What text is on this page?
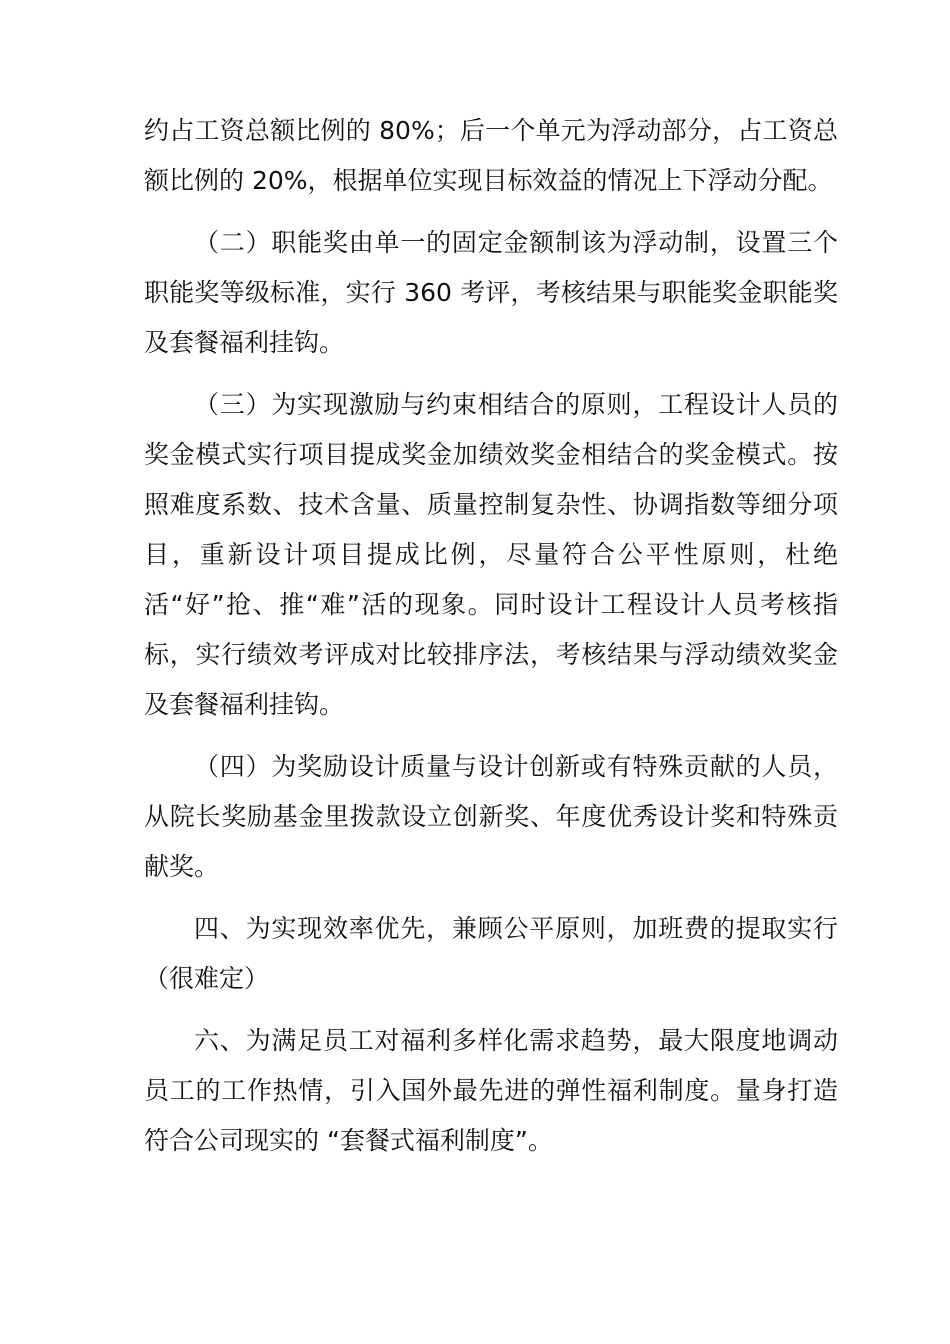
约占工资总额比例的 80%；后一个单元为浮动部分，占工资总额比例的 20%，根据单位实现目标效益的情况上下浮动分配。

（二）职能奖由单一的固定金额制该为浮动制，设置三个职能奖等级标准，实行 360 考评，考核结果与职能奖金职能奖及套餐福利挂钩。

（三）为实现激励与约束相结合的原则，工程设计人员的奖金模式实行项目提成奖金加绩效奖金相结合的奖金模式。按照难度系数、技术含量、质量控制复杂性、协调指数等细分项目，重新设计项目提成比例，尽量符合公平性原则，杜绝活“好”抢、推“难”活的现象。同时设计工程设计人员考核指标，实行绩效考评成对比较排序法，考核结果与浮动绩效奖金及套餐福利挂钩。

（四）为奖励设计质量与设计创新或有特殊贡献的人员，从院长奖励基金里拨款设立创新奖、年度优秀设计奖和特殊贡献奖。

四、为实现效率优先，兼顾公平原则，加班费的提取实行（很难定）

六、为满足员工对福利多样化需求趋势，最大限度地调动员工的工作热情，引入国外最先进的弹性福利制度。量身打造符合公司现实的 “套餐式福利制度”。
